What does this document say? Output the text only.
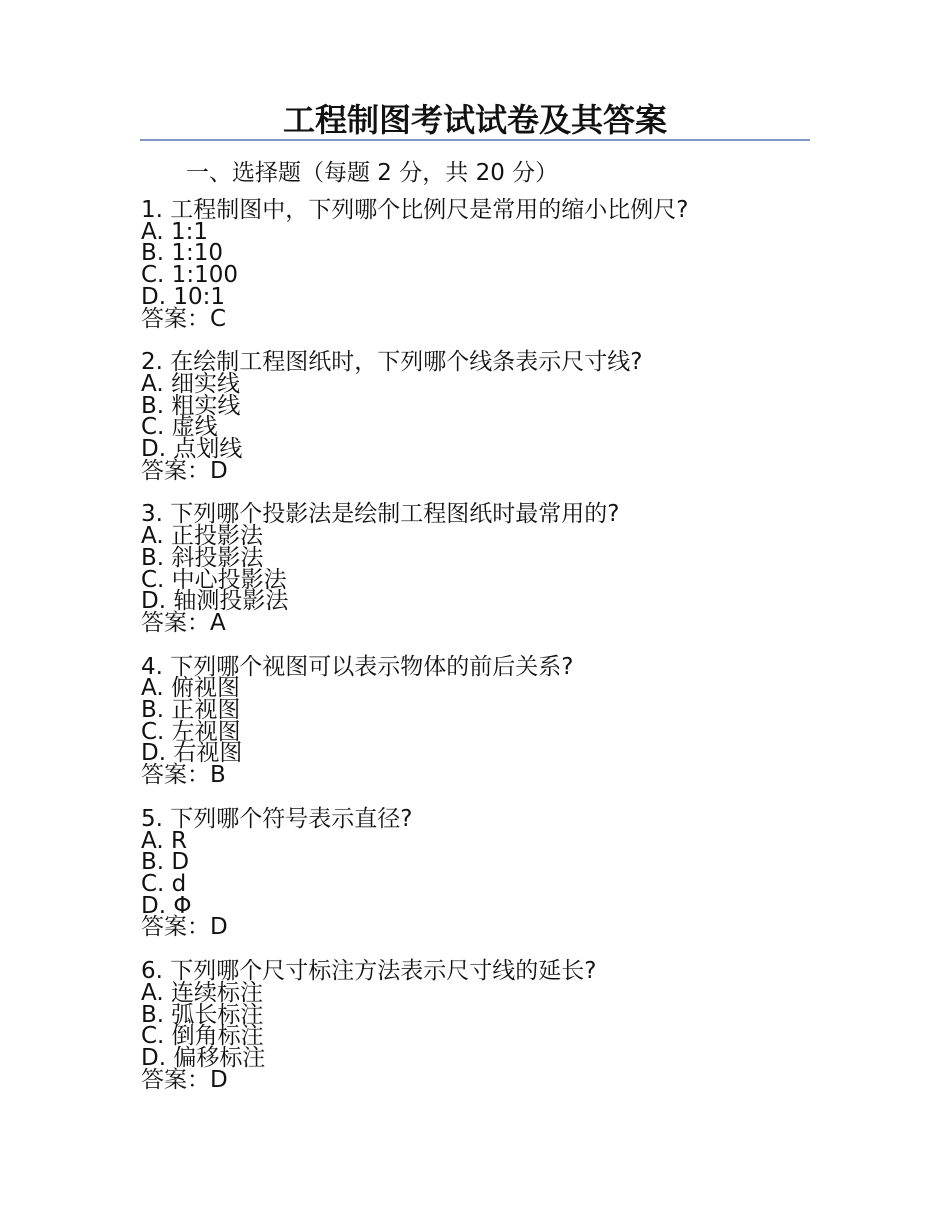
工程制图考试试卷及其答案
一、选择题（每题 2 分，共 20 分）
1. 工程制图中，下列哪个比例尺是常用的缩小比例尺?
A. 1:1
B. 1:10
C. 1:100
D. 10:1
答案：C
2. 在绘制工程图纸时，下列哪个线条表示尺寸线?
A. 细实线
B. 粗实线
C. 虚线
D. 点划线
答案：D
3. 下列哪个投影法是绘制工程图纸时最常用的?
A. 正投影法
B. 斜投影法
C. 中心投影法
D. 轴测投影法
答案：A
4. 下列哪个视图可以表示物体的前后关系?
A. 俯视图
B. 正视图
C. 左视图
D. 右视图
答案：B
5. 下列哪个符号表示直径?
A. R
B. D
C. d
D. Φ
答案：D
6. 下列哪个尺寸标注方法表示尺寸线的延长?
A. 连续标注
B. 弧长标注
C. 倒角标注
D. 偏移标注
答案：D
